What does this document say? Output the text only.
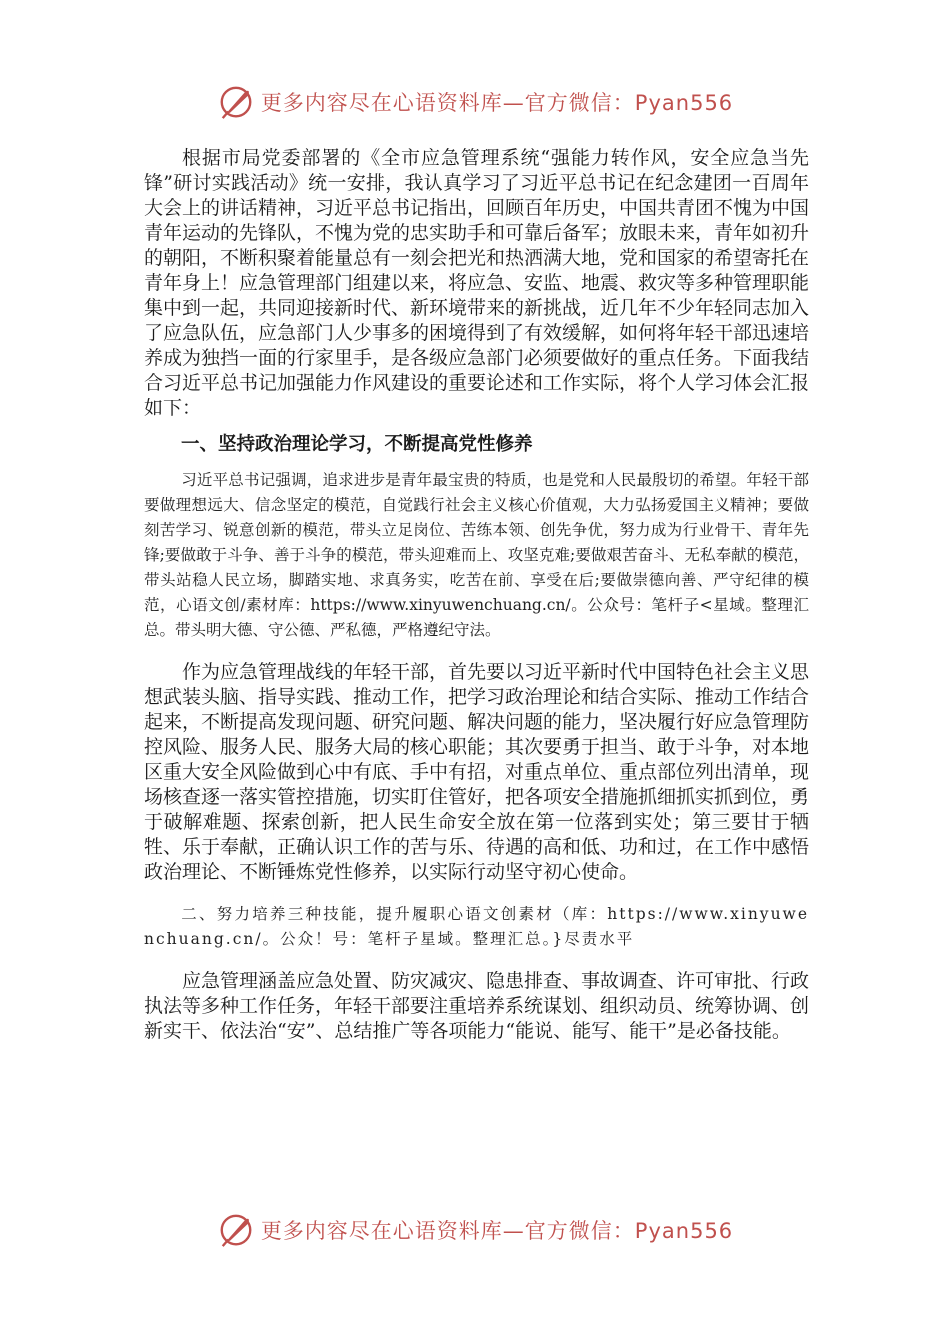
更多内容尽在心语资料库—官方微信：Pyan556

根据市局党委部署的《全市应急管理系统“强能力转作风，安全应急当先锋”研讨实践活动》统一安排，我认真学习了习近平总书记在纪念建团一百周年大会上的讲话精神，习近平总书记指出，回顾百年历史，中国共青团不愧为中国青年运动的先锋队，不愧为党的忠实助手和可靠后备军；放眼未来，青年如初升的朝阳，不断积聚着能量总有一刻会把光和热洒满大地，党和国家的希望寄托在青年身上！应急管理部门组建以来，将应急、安监、地震、救灾等多种管理职能集中到一起，共同迎接新时代、新环境带来的新挑战，近几年不少年轻同志加入了应急队伍，应急部门人少事多的困境得到了有效缓解，如何将年轻干部迅速培养成为独挡一面的行家里手，是各级应急部门必须要做好的重点任务。下面我结合习近平总书记加强能力作风建设的重要论述和工作实际，将个人学习体会汇报如下：

一、坚持政治理论学习，不断提高党性修养

习近平总书记强调，追求进步是青年最宝贵的特质，也是党和人民最殷切的希望。年轻干部要做理想远大、信念坚定的模范，自觉践行社会主义核心价值观，大力弘扬爱国主义精神；要做刻苦学习、锐意创新的模范，带头立足岗位、苦练本领、创先争优，努力成为行业骨干、青年先锋;要做敢于斗争、善于斗争的模范，带头迎难而上、攻坚克难;要做艰苦奋斗、无私奉献的模范，带头站稳人民立场，脚踏实地、求真务实，吃苦在前、享受在后;要做崇德向善、严守纪律的模范，心语文创/素材库：https://www.xinyuwenchuang.cn/。公众号：笔杆子<星域。整理汇总。带头明大德、守公德、严私德，严格遵纪守法。

作为应急管理战线的年轻干部，首先要以习近平新时代中国特色社会主义思想武装头脑、指导实践、推动工作，把学习政治理论和结合实际、推动工作结合起来，不断提高发现问题、研究问题、解决问题的能力，坚决履行好应急管理防控风险、服务人民、服务大局的核心职能；其次要勇于担当、敢于斗争，对本地区重大安全风险做到心中有底、手中有招，对重点单位、重点部位列出清单，现场核查逐一落实管控措施，切实盯住管好，把各项安全措施抓细抓实抓到位，勇于破解难题、探索创新，把人民生命安全放在第一位落到实处；第三要甘于牺牲、乐于奉献，正确认识工作的苦与乐、待遇的高和低、功和过，在工作中感悟政治理论、不断锤炼党性修养，以实际行动坚守初心使命。

二、努力培养三种技能，提升履职心语文创素材（库：https://www.xinyuwenchuang.cn/。公众！号：笔杆子星域。整理汇总。}尽责水平

应急管理涵盖应急处置、防灾减灾、隐患排查、事故调查、许可审批、行政执法等多种工作任务，年轻干部要注重培养系统谋划、组织动员、统筹协调、创新实干、依法治“安”、总结推广等各项能力“能说、能写、能干”是必备技能。

更多内容尽在心语资料库—官方微信：Pyan556
